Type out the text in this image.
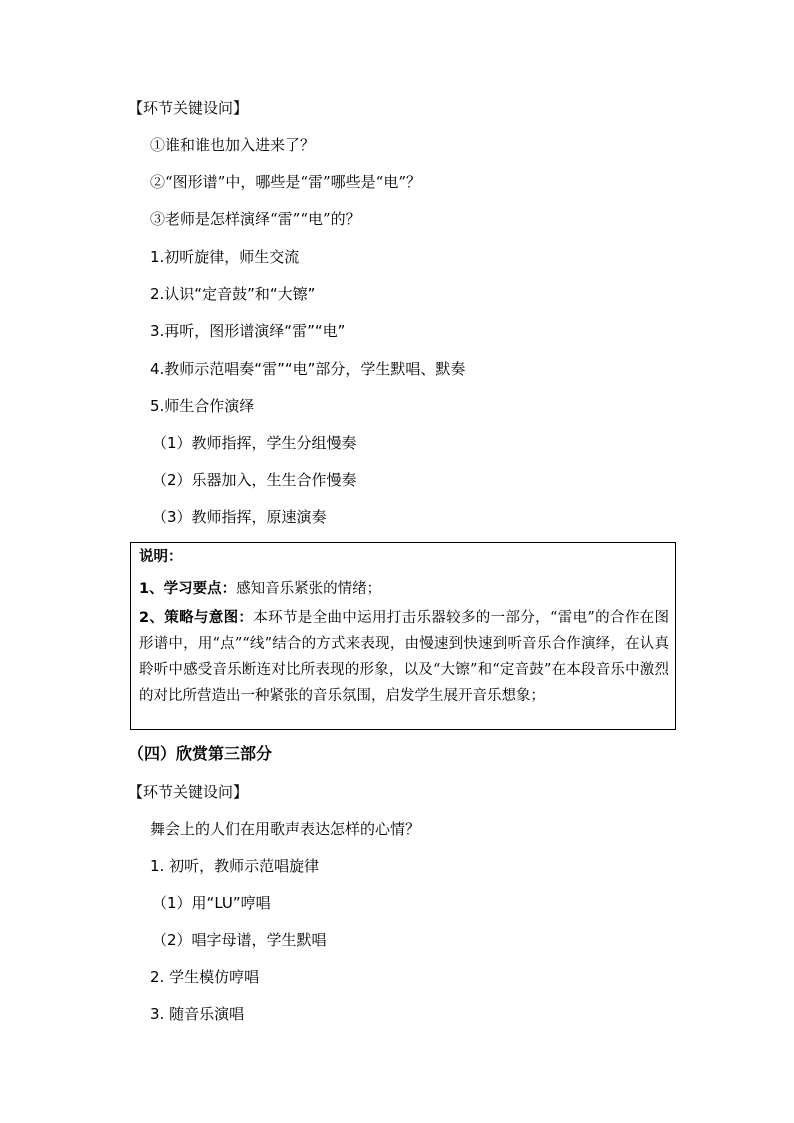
【环节关键设问】
①谁和谁也加入进来了？
②“图形谱”中，哪些是“雷”哪些是“电”？
③老师是怎样演绎“雷”“电”的？
1.初听旋律，师生交流
2.认识“定音鼓”和“大镲”
3.再听，图形谱演绎“雷”“电”
4.教师示范唱奏“雷”“电”部分，学生默唱、默奏
5.师生合作演绎
（1）教师指挥，学生分组慢奏
（2）乐器加入，生生合作慢奏
（3）教师指挥，原速演奏
说明：
1、学习要点：感知音乐紧张的情绪；
2、策略与意图：本环节是全曲中运用打击乐器较多的一部分，“雷电”的合作在图形谱中，用“点”“线”结合的方式来表现，由慢速到快速到听音乐合作演绎，在认真聆听中感受音乐断连对比所表现的形象，以及“大镲”和“定音鼓”在本段音乐中激烈的对比所营造出一种紧张的音乐氛围，启发学生展开音乐想象；
（四）欣赏第三部分
【环节关键设问】
舞会上的人们在用歌声表达怎样的心情？
1. 初听，教师示范唱旋律
（1）用“LU”哼唱
（2）唱字母谱，学生默唱
2. 学生模仿哼唱
3. 随音乐演唱
